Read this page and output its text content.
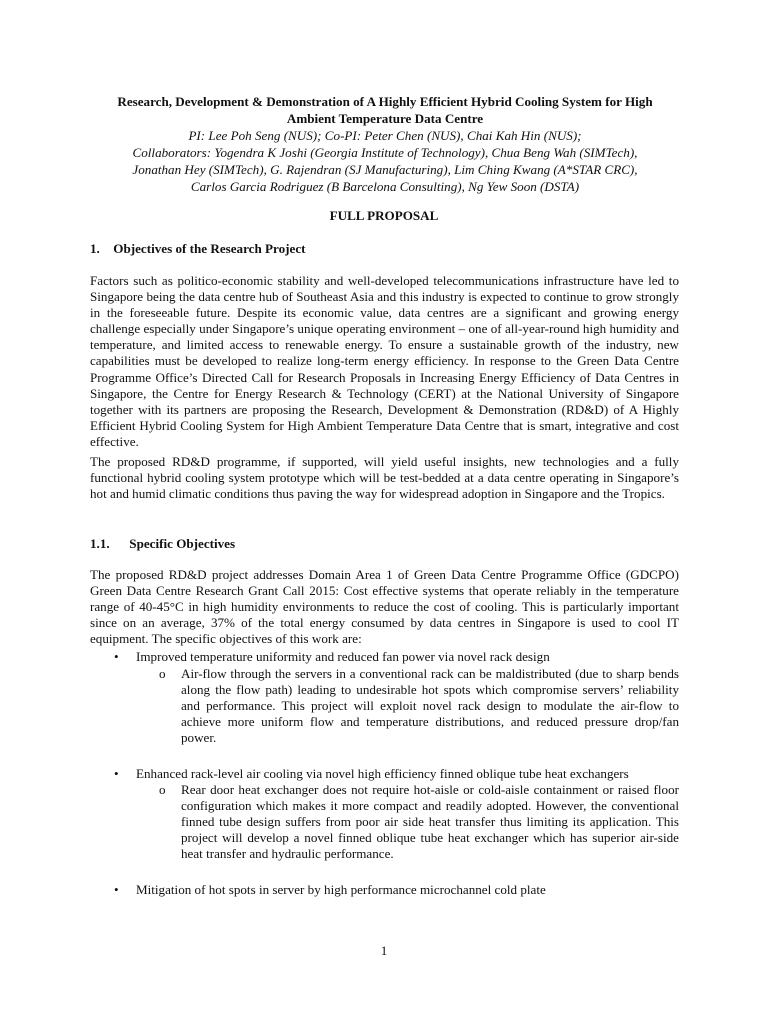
Research, Development & Demonstration of A Highly Efficient Hybrid Cooling System for High
Ambient Temperature Data Centre
PI: Lee Poh Seng (NUS); Co-PI: Peter Chen (NUS), Chai Kah Hin (NUS);
Collaborators: Yogendra K Joshi (Georgia Institute of Technology), Chua Beng Wah (SIMTech),
Jonathan Hey (SIMTech), G. Rajendran (SJ Manufacturing), Lim Ching Kwang (A*STAR CRC),
Carlos Garcia Rodriguez (B Barcelona Consulting), Ng Yew Soon (DSTA)
FULL PROPOSAL
1. Objectives of the Research Project
Factors such as politico-economic stability and well-developed telecommunications infrastructure have led to Singapore being the data centre hub of Southeast Asia and this industry is expected to continue to grow strongly in the foreseeable future. Despite its economic value, data centres are a significant and growing energy challenge especially under Singapore’s unique operating environment – one of all-year-round high humidity and temperature, and limited access to renewable energy. To ensure a sustainable growth of the industry, new capabilities must be developed to realize long-term energy efficiency. In response to the Green Data Centre Programme Office’s Directed Call for Research Proposals in Increasing Energy Efficiency of Data Centres in Singapore, the Centre for Energy Research & Technology (CERT) at the National University of Singapore together with its partners are proposing the Research, Development & Demonstration (RD&D) of A Highly Efficient Hybrid Cooling System for High Ambient Temperature Data Centre that is smart, integrative and cost effective.
The proposed RD&D programme, if supported, will yield useful insights, new technologies and a fully functional hybrid cooling system prototype which will be test-bedded at a data centre operating in Singapore’s hot and humid climatic conditions thus paving the way for widespread adoption in Singapore and the Tropics.
1.1. Specific Objectives
The proposed RD&D project addresses Domain Area 1 of Green Data Centre Programme Office (GDCPO) Green Data Centre Research Grant Call 2015: Cost effective systems that operate reliably in the temperature range of 40-45°C in high humidity environments to reduce the cost of cooling. This is particularly important since on an average, 37% of the total energy consumed by data centres in Singapore is used to cool IT equipment. The specific objectives of this work are:
•	Improved temperature uniformity and reduced fan power via novel rack design
o	Air-flow through the servers in a conventional rack can be maldistributed (due to sharp bends along the flow path) leading to undesirable hot spots which compromise servers’ reliability and performance. This project will exploit novel rack design to modulate the air-flow to achieve more uniform flow and temperature distributions, and reduced pressure drop/fan power.
•	Enhanced rack-level air cooling via novel high efficiency finned oblique tube heat exchangers
o	Rear door heat exchanger does not require hot-aisle or cold-aisle containment or raised floor configuration which makes it more compact and readily adopted. However, the conventional finned tube design suffers from poor air side heat transfer thus limiting its application. This project will develop a novel finned oblique tube heat exchanger which has superior air-side heat transfer and hydraulic performance.
•	Mitigation of hot spots in server by high performance microchannel cold plate
1
